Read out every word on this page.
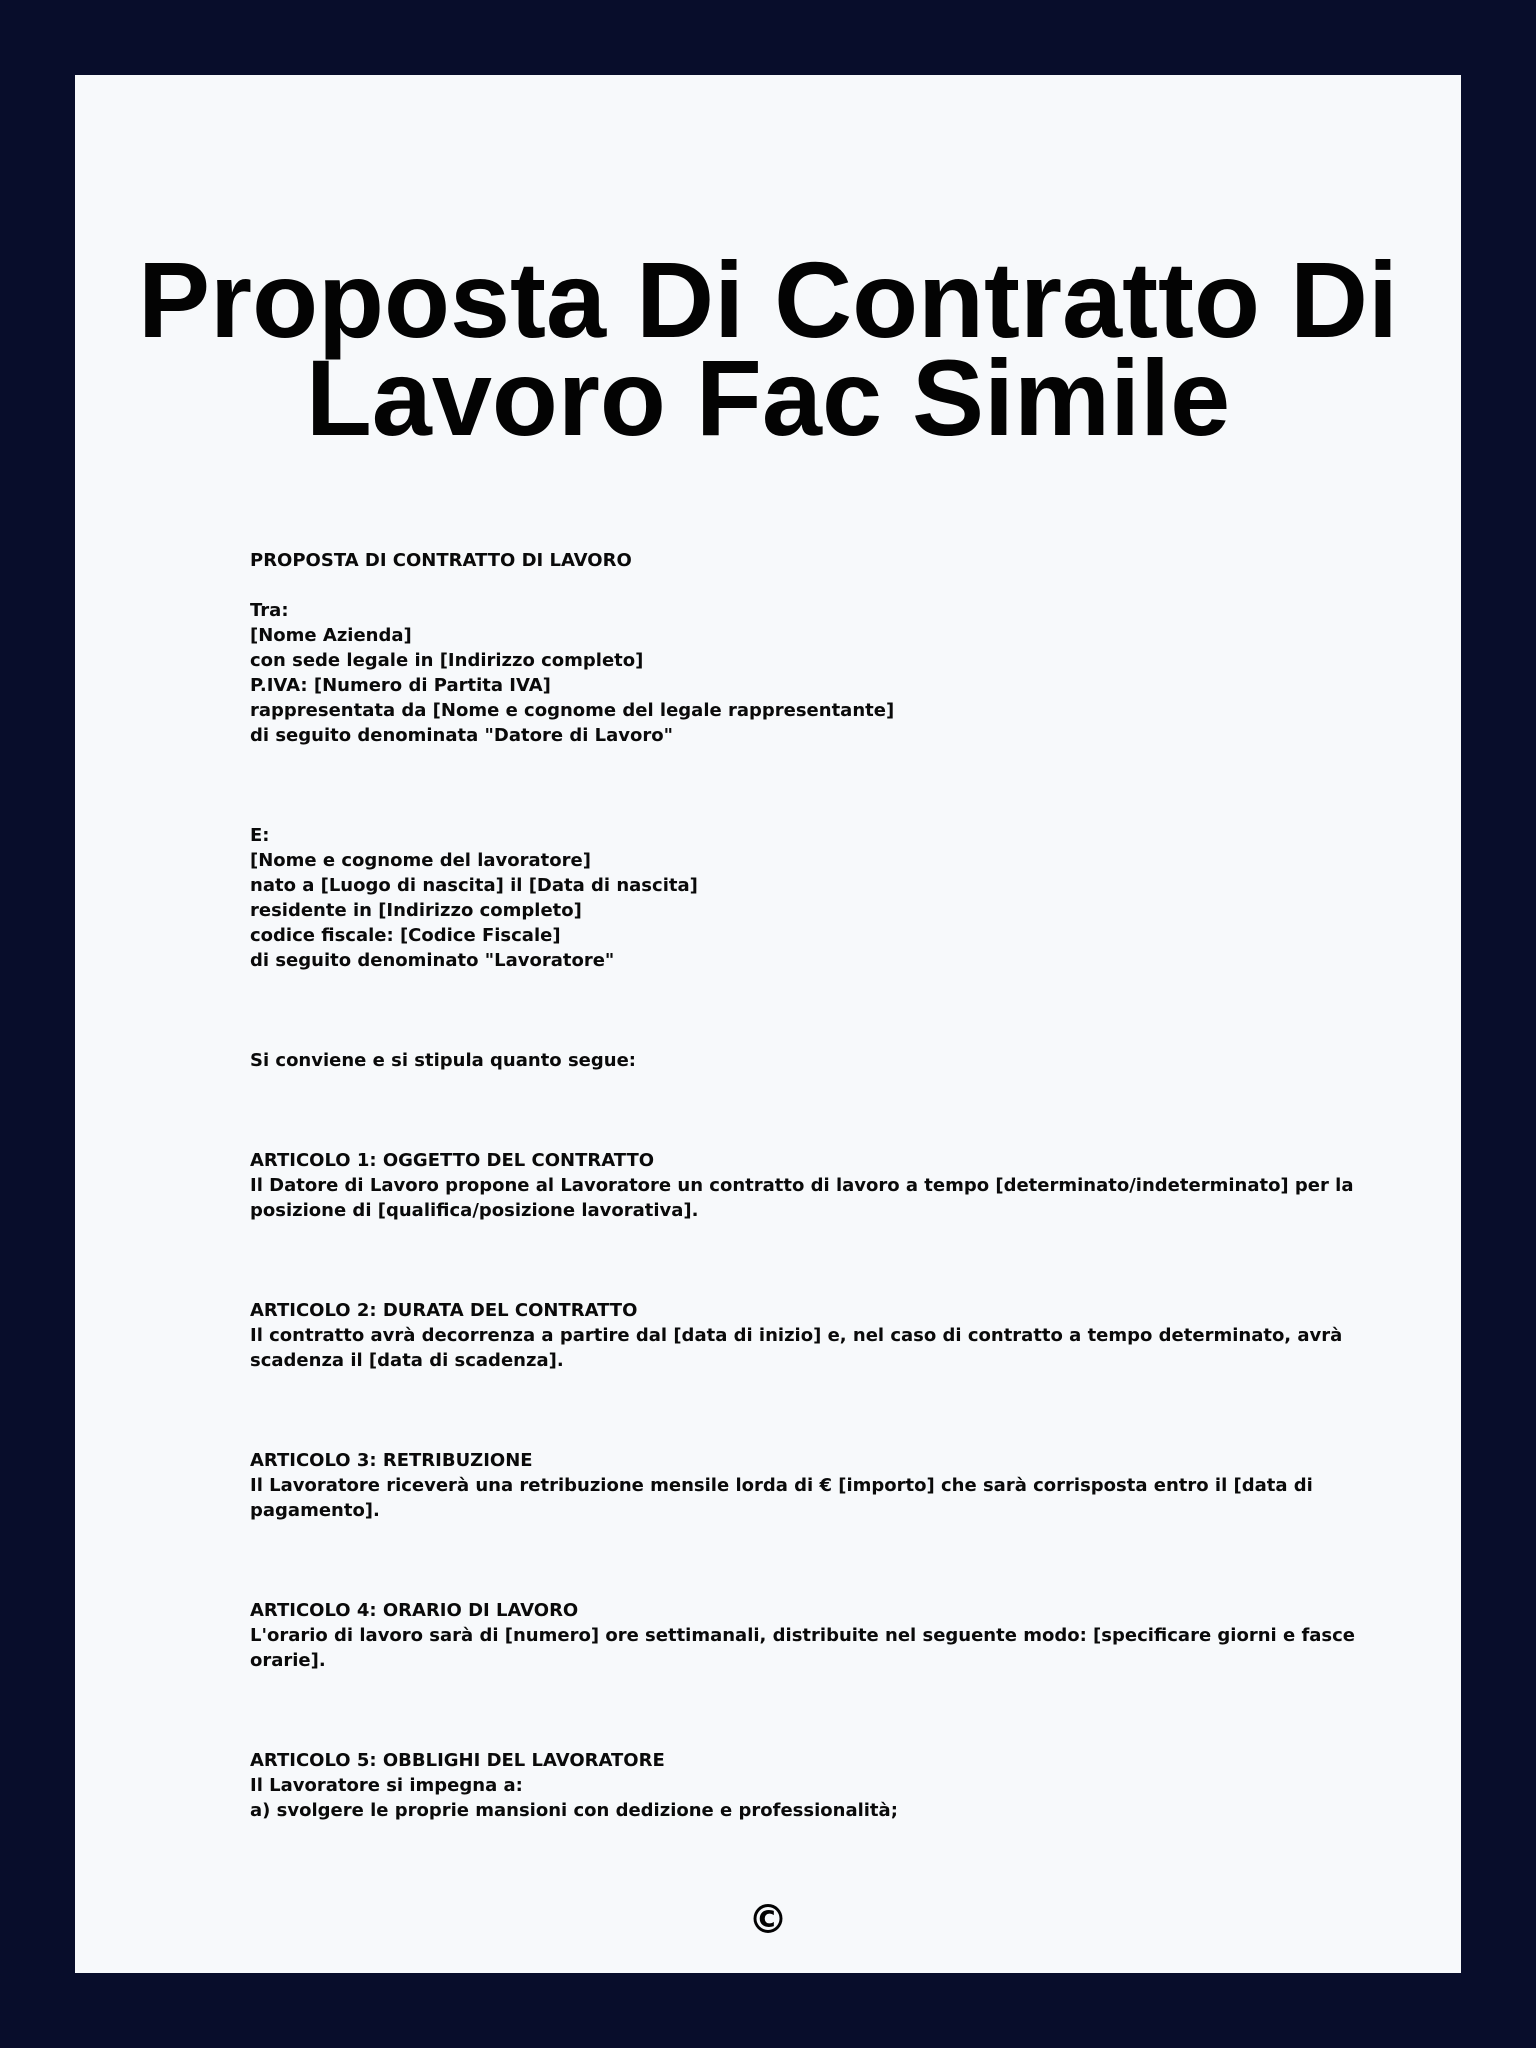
Proposta Di Contratto Di Lavoro Fac Simile
PROPOSTA DI CONTRATTO DI LAVORO
Tra:
[Nome Azienda]
con sede legale in [Indirizzo completo]
P.IVA: [Numero di Partita IVA]
rappresentata da [Nome e cognome del legale rappresentante]
di seguito denominata "Datore di Lavoro"
E:
[Nome e cognome del lavoratore]
nato a [Luogo di nascita] il [Data di nascita]
residente in [Indirizzo completo]
codice fiscale: [Codice Fiscale]
di seguito denominato "Lavoratore"
Si conviene e si stipula quanto segue:
ARTICOLO 1: OGGETTO DEL CONTRATTO
Il Datore di Lavoro propone al Lavoratore un contratto di lavoro a tempo [determinato/indeterminato] per la posizione di [qualifica/posizione lavorativa].
ARTICOLO 2: DURATA DEL CONTRATTO
Il contratto avrà decorrenza a partire dal [data di inizio] e, nel caso di contratto a tempo determinato, avrà scadenza il [data di scadenza].
ARTICOLO 3: RETRIBUZIONE
Il Lavoratore riceverà una retribuzione mensile lorda di € [importo] che sarà corrisposta entro il [data di pagamento].
ARTICOLO 4: ORARIO DI LAVORO
L'orario di lavoro sarà di [numero] ore settimanali, distribuite nel seguente modo: [specificare giorni e fasce orarie].
ARTICOLO 5: OBBLIGHI DEL LAVORATORE
Il Lavoratore si impegna a:
a) svolgere le proprie mansioni con dedizione e professionalità;
©
